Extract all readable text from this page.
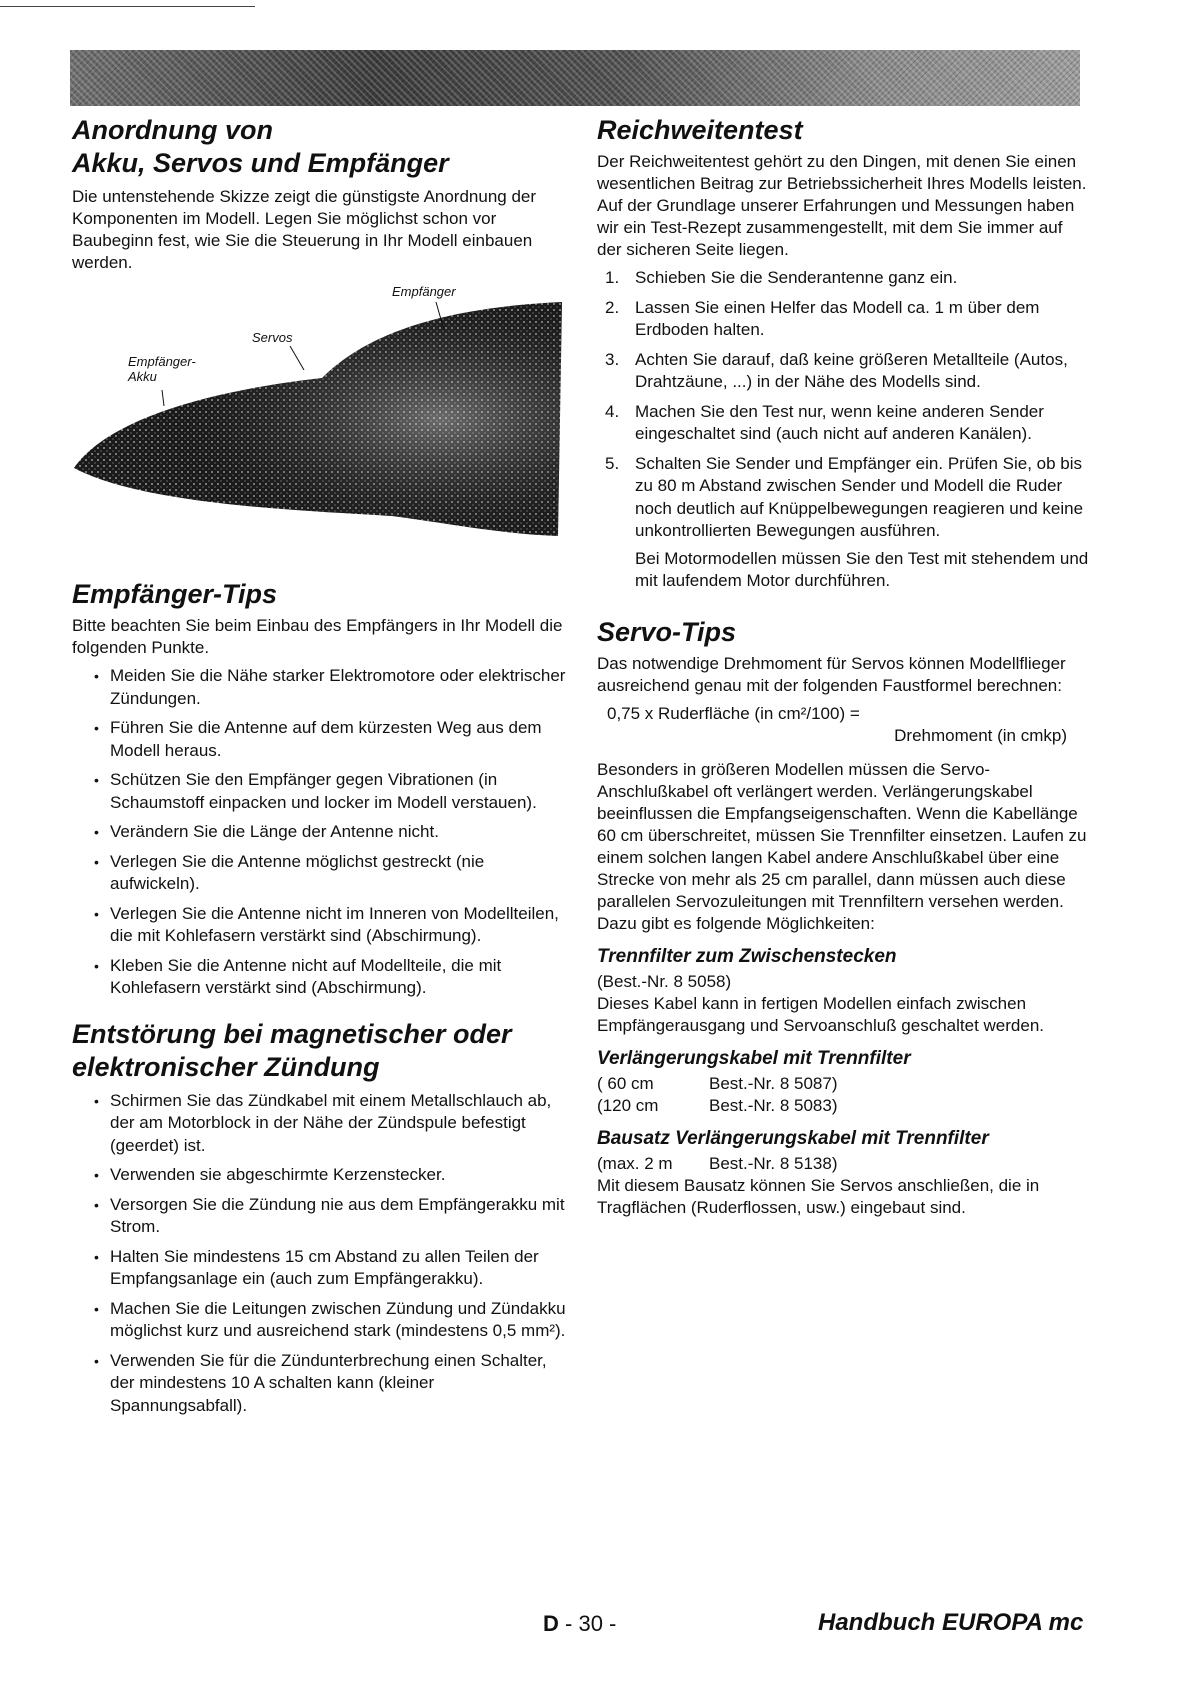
Anordnung von
Akku, Servos und Empfänger

Die untenstehende Skizze zeigt die günstigste Anordnung der Komponenten im Modell. Legen Sie möglichst schon vor Baubeginn fest, wie Sie die Steuerung in Ihr Modell einbauen werden.

Empfänger
Servos
Empfänger-
Akku
Empfänger-Tips

Bitte beachten Sie beim Einbau des Empfängers in Ihr Modell die folgenden Punkte.

• Meiden Sie die Nähe starker Elektromotore oder elektrischer Zündungen.
• Führen Sie die Antenne auf dem kürzesten Weg aus dem Modell heraus.
• Schützen Sie den Empfänger gegen Vibrationen (in Schaumstoff einpacken und locker im Modell verstauen).
• Verändern Sie die Länge der Antenne nicht.
• Verlegen Sie die Antenne möglichst gestreckt (nie aufwickeln).
• Verlegen Sie die Antenne nicht im Inneren von Modellteilen, die mit Kohlefasern verstärkt sind (Abschirmung).
• Kleben Sie die Antenne nicht auf Modellteile, die mit Kohlefasern verstärkt sind (Abschirmung).
Entstörung bei magnetischer oder
elektronischer Zündung
• Schirmen Sie das Zündkabel mit einem Metallschlauch ab, der am Motorblock in der Nähe der Zündspule befestigt (geerdet) ist.
• Verwenden sie abgeschirmte Kerzenstecker.
• Versorgen Sie die Zündung nie aus dem Empfängerakku mit Strom.
• Halten Sie mindestens 15 cm Abstand zu allen Teilen der Empfangsanlage ein (auch zum Empfängerakku).
• Machen Sie die Leitungen zwischen Zündung und Zündakku möglichst kurz und ausreichend stark (mindestens 0,5 mm²).
• Verwenden Sie für die Zündunterbrechung einen Schalter, der mindestens 10 A schalten kann (kleiner Spannungsabfall).
Reichweitentest

Der Reichweitentest gehört zu den Dingen, mit denen Sie einen wesentlichen Beitrag zur Betriebssicherheit Ihres Modells leisten. Auf der Grundlage unserer Erfahrungen und Messungen haben wir ein Test-Rezept zusammengestellt, mit dem Sie immer auf der sicheren Seite liegen.

1. Schieben Sie die Senderantenne ganz ein.
2. Lassen Sie einen Helfer das Modell ca. 1 m über dem Erdboden halten.
3. Achten Sie darauf, daß keine größeren Metallteile (Autos, Drahtzäune, ...) in der Nähe des Modells sind.
4. Machen Sie den Test nur, wenn keine anderen Sender eingeschaltet sind (auch nicht auf anderen Kanälen).
5. Schalten Sie Sender und Empfänger ein. Prüfen Sie, ob bis zu 80 m Abstand zwischen Sender und Modell die Ruder noch deutlich auf Knüppelbewegungen reagieren und keine unkontrollierten Bewegungen ausführen.

Bei Motormodellen müssen Sie den Test mit stehendem und mit laufendem Motor durchführen.

Servo-Tips

Das notwendige Drehmoment für Servos können Modellflieger ausreichend genau mit der folgenden Faustformel berechnen:

0,75 x Ruderfläche (in cm²/100) =
Drehmoment (in cmkp)

Besonders in größeren Modellen müssen die Servo-Anschlußkabel oft verlängert werden. Verlängerungskabel beeinflussen die Empfangseigenschaften. Wenn die Kabellänge 60 cm überschreitet, müssen Sie Trennfilter einsetzen. Laufen zu einem solchen langen Kabel andere Anschlußkabel über eine Strecke von mehr als 25 cm parallel, dann müssen auch diese parallelen Servozuleitungen mit Trennfiltern versehen werden. Dazu gibt es folgende Möglichkeiten:

Trennfilter zum Zwischenstecken

(Best.-Nr. 8 5058)

Dieses Kabel kann in fertigen Modellen einfach zwischen Empfängerausgang und Servoanschluß geschaltet werden.

Verlängerungskabel mit Trennfilter

( 60 cm	Best.-Nr. 8 5087)

(120 cm	Best.-Nr. 8 5083)

Bausatz Verlängerungskabel mit Trennfilter

(max. 2 m Best.-Nr. 8 5138)

Mit diesem Bausatz können Sie Servos anschließen, die in Tragflächen (Ruderflossen, usw.) eingebaut sind.

D - 30 -	Handbuch EUROPA mc
